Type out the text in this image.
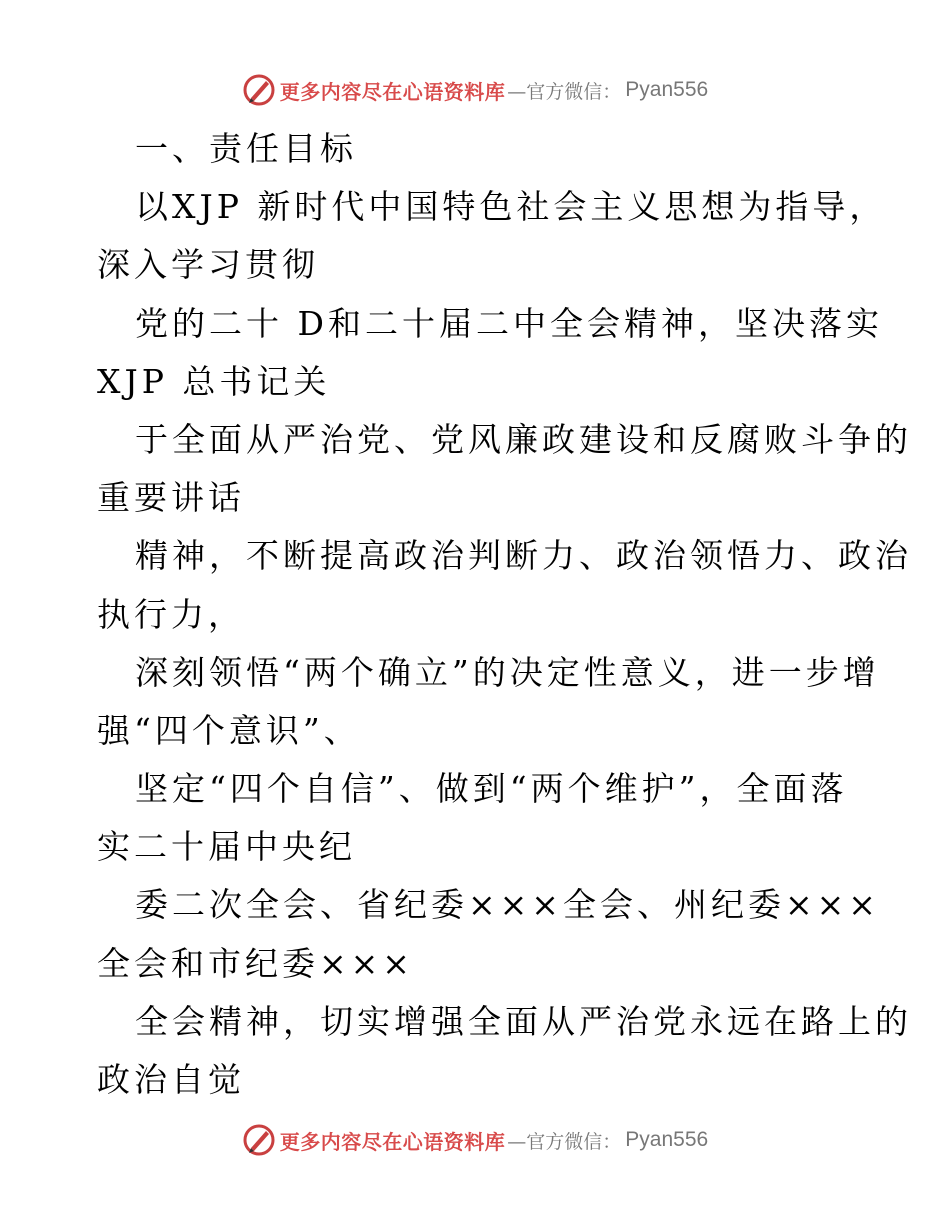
更多内容尽在心语资料库 —官方微信： Pyan556
一、责任目标
以XJP 新时代中国特色社会主义思想为指导，
深入学习贯彻
党的二十 D和二十届二中全会精神，坚决落实
XJP 总书记关
于全面从严治党、党风廉政建设和反腐败斗争的
重要讲话
精神，不断提高政治判断力、政治领悟力、政治
执行力，
深刻领悟“两个确立”的决定性意义，进一步增
强“四个意识”、
坚定“四个自信”、做到“两个维护”，全面落
实二十届中央纪
委二次全会、省纪委×××全会、州纪委×××
全会和市纪委×××
全会精神，切实增强全面从严治党永远在路上的
政治自觉
更多内容尽在心语资料库 —官方微信： Pyan556
